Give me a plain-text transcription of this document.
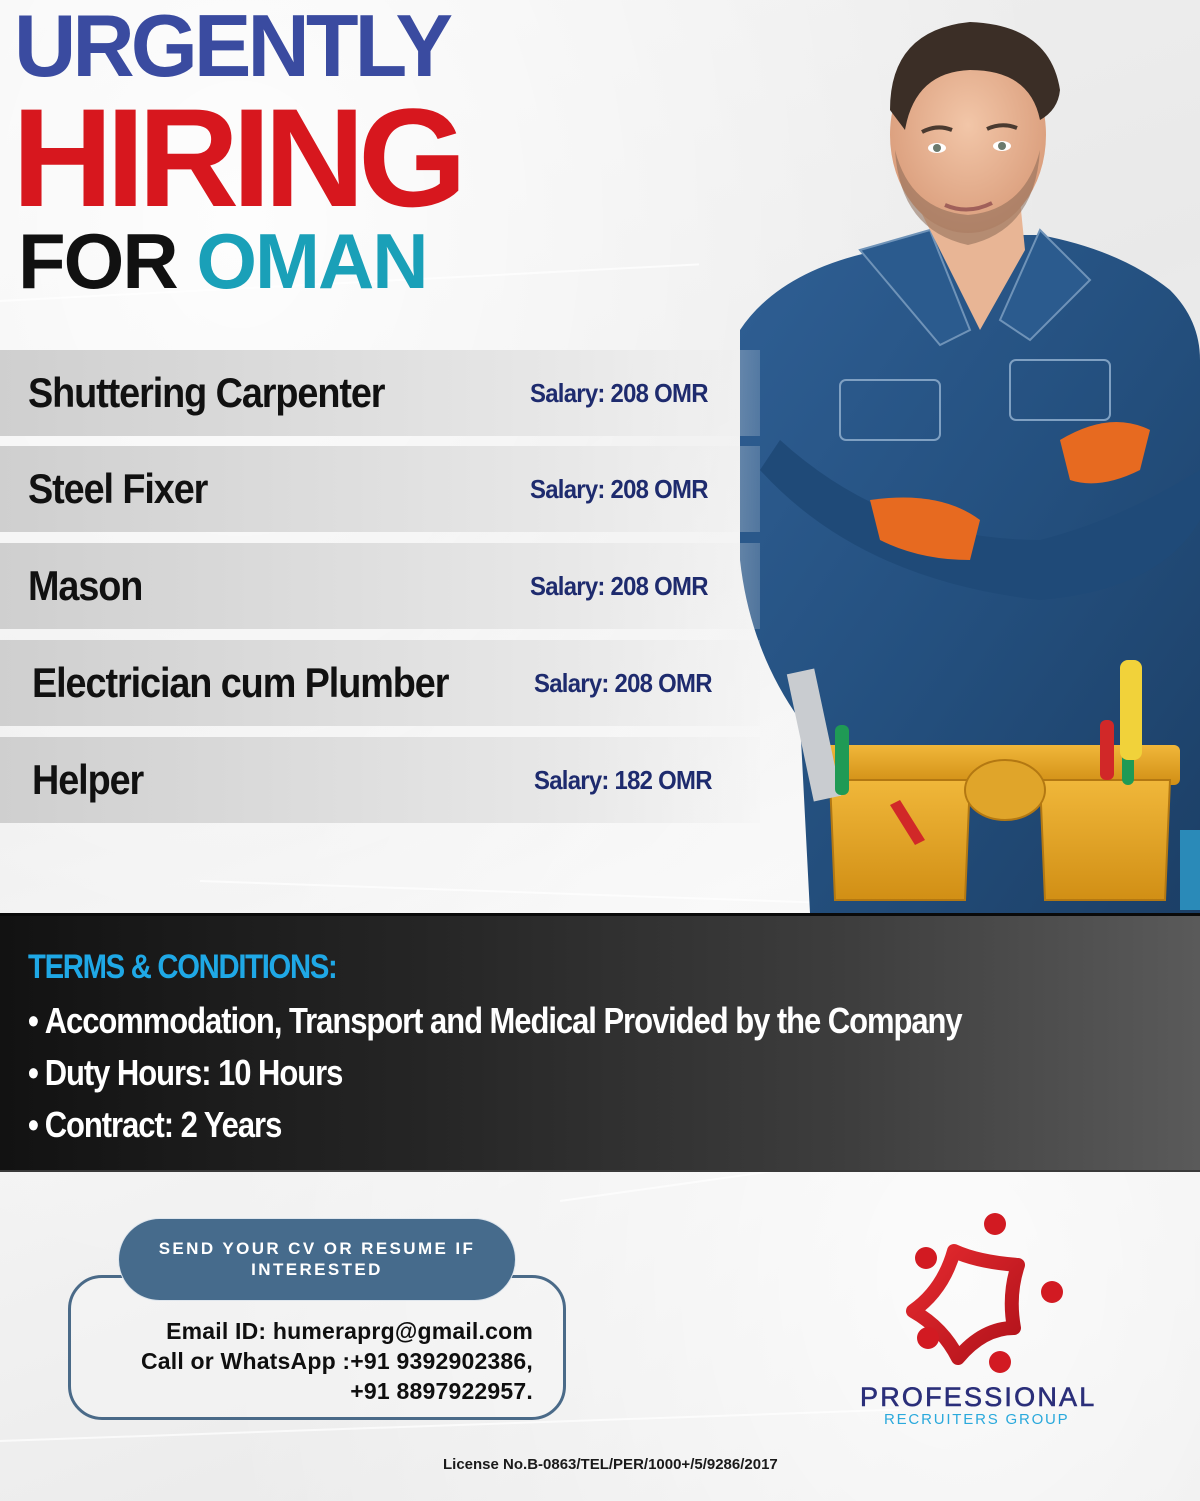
URGENTLY
HIRING
FOR OMAN
Shuttering Carpenter	Salary: 208 OMR
Steel Fixer	Salary: 208 OMR
Mason	Salary: 208 OMR
Electrician cum Plumber	Salary: 208 OMR
Helper	Salary: 182 OMR
TERMS & CONDITIONS:
• Accommodation, Transport and Medical Provided by the Company
• Duty Hours: 10 Hours
• Contract: 2 Years
Email ID: humeraprg@gmail.com
Call or WhatsApp :+91 9392902386,
+91 8897922957.
SEND YOUR CV OR RESUME IF
INTERESTED
PROFESSIONAL
RECRUITERS GROUP
License No.B-0863/TEL/PER/1000+/5/9286/2017
